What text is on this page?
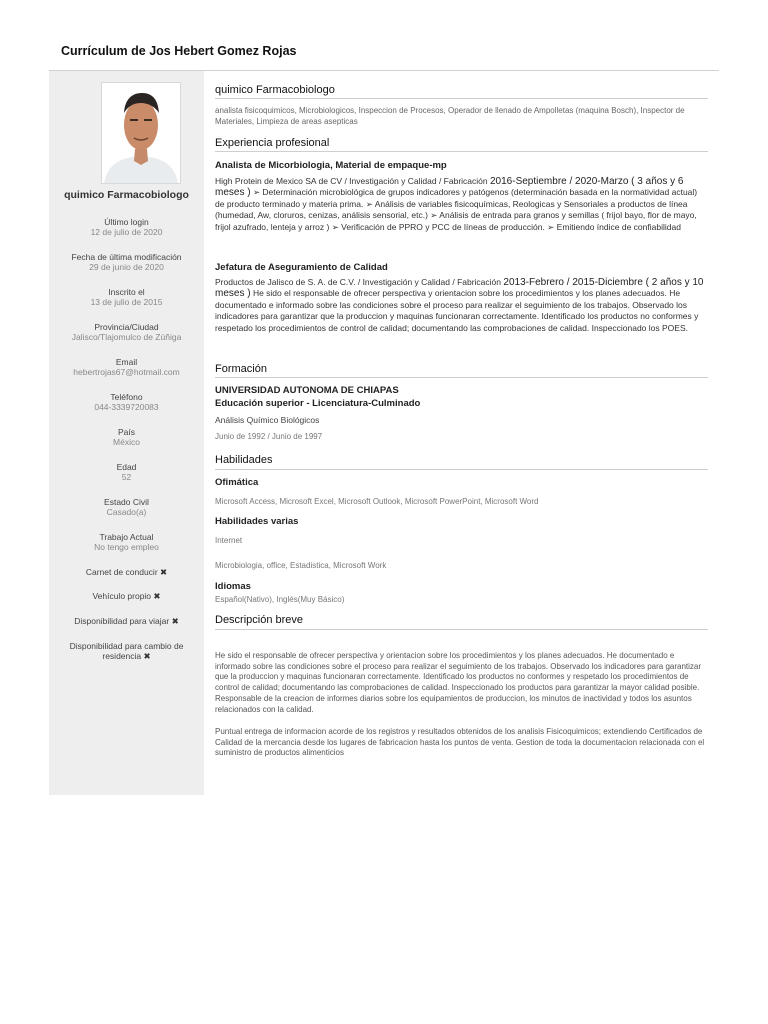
Currículum de Jos Hebert Gomez Rojas
quimico Farmacobiologo
Último login
12 de julio de 2020
Fecha de última modificación
29 de junio de 2020
Inscrito el
13 de julio de 2015
Provincia/Ciudad
Jalisco/Tlajomulco de Zúñiga
Email
hebertrojas67@hotmail.com
Teléfono
044-3339720083
País
México
Edad
52
Estado Civil
Casado(a)
Trabajo Actual
No tengo empleo
Carnet de conducir ✖
Vehículo propio ✖
Disponibilidad para viajar ✖
Disponibilidad para cambio de residencia ✖
quimico Farmacobiologo
analista fisicoquimicos, Microbiologicos, Inspeccion de Procesos, Operador de llenado de Ampolletas (maquina Bosch), Inspector de Materiales, Limpieza de areas asepticas
Experiencia profesional
Analista de Micorbiologia, Material de empaque-mp
High Protein de Mexico SA de CV / Investigación y Calidad / Fabricación 2016-Septiembre / 2020-Marzo ( 3 años y 6 meses ) ➢ Determinación microbiológica de grupos indicadores y patógenos (determinación basada en la normatividad actual) de producto terminado y materia prima. ➢ Análisis de variables fisicoquímicas, Reologicas y Sensoriales a productos de línea (humedad, Aw, cloruros, cenizas, análisis sensorial, etc.) ➢ Análisis de entrada para granos y semillas ( frijol bayo, flor de mayo, frijol azufrado, lenteja y arroz ) ➢ Verificación de PPRO y PCC de líneas de producción. ➢ Emitiendo índice de confiabilidad
Jefatura de Aseguramiento de Calidad
Productos de Jalisco de S. A. de C.V. / Investigación y Calidad / Fabricación 2013-Febrero / 2015-Diciembre ( 2 años y 10 meses ) He sido el responsable de ofrecer perspectiva y orientacion sobre los procedimientos y los planes adecuados. He documentado e informado sobre las condiciones sobre el proceso para realizar el seguimiento de los trabajos. Observado los indicadores para garantizar que la produccion y maquinas funcionaran correctamente. Identificado los productos no conformes y respetado los procedimientos de control de calidad; documentando las comprobaciones de calidad. Inspeccionado los POES.
Formación
UNIVERSIDAD AUTONOMA DE CHIAPAS
Educación superior - Licenciatura-Culminado
Análisis Químico Biológicos
Junio de 1992 / Junio de 1997
Habilidades
Ofimática
Microsoft Access, Microsoft Excel, Microsoft Outlook, Microsoft PowerPoint, Microsoft Word
Habilidades varias
Internet
Microbiologia, office, Estadistica, Microsoft Work
Idiomas
Español(Nativo), Inglés(Muy Básico)
Descripción breve
He sido el responsable de ofrecer perspectiva y orientacion sobre los procedimientos y los planes adecuados. He documentado e informado sobre las condiciones sobre el proceso para realizar el seguimiento de los trabajos. Observado los indicadores para garantizar que la produccion y maquinas funcionaran correctamente. Identificado los productos no conformes y respetado los procedimientos de control de calidad; documentando las comprobaciones de calidad. Inspeccionado los productos para garantizar la mayor calidad posible. Responsable de la creacion de informes diarios sobre los equipamientos de produccion, los minutos de inactividad y todos los asuntos relacionados con la calidad.
Puntual entrega de informacion acorde de los registros y resultados obtenidos de los analisis Fisicoquimicos; extendiendo Certificados de Calidad de la mercancia desde los lugares de fabricacion hasta los puntos de venta. Gestion de toda la documentacion relacionada con el suministro de productos alimenticios
